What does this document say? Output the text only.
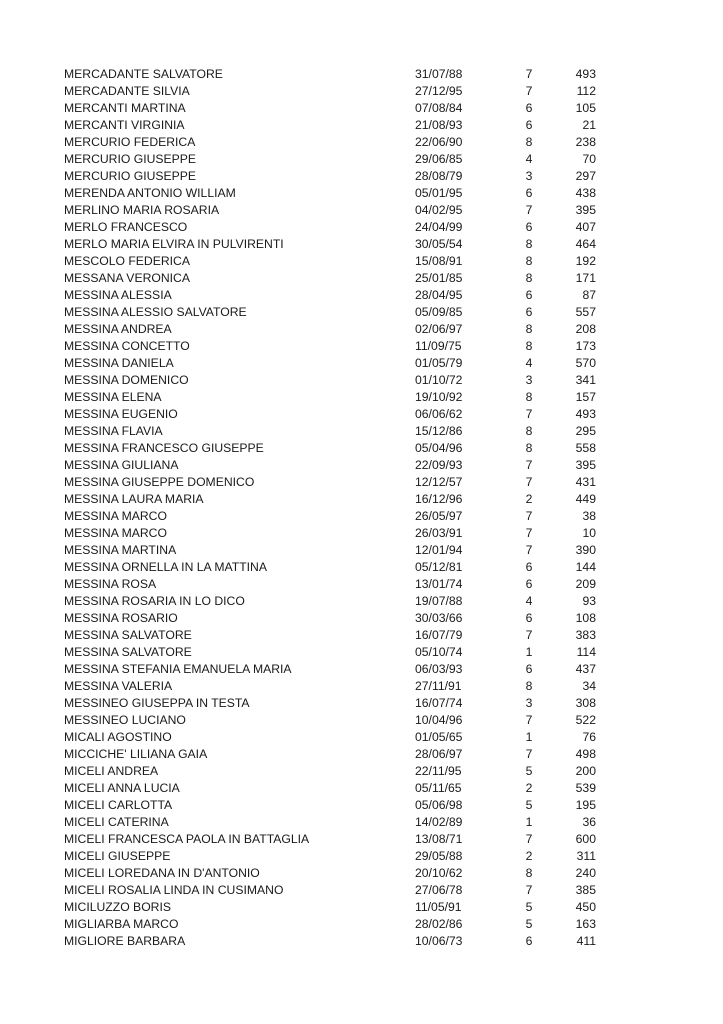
MERCADANTE SALVATORE	31/07/88	7	493
MERCADANTE SILVIA	27/12/95	7	112
MERCANTI MARTINA	07/08/84	6	105
MERCANTI VIRGINIA	21/08/93	6	21
MERCURIO FEDERICA	22/06/90	8	238
MERCURIO GIUSEPPE	29/06/85	4	70
MERCURIO GIUSEPPE	28/08/79	3	297
MERENDA ANTONIO WILLIAM	05/01/95	6	438
MERLINO MARIA ROSARIA	04/02/95	7	395
MERLO FRANCESCO	24/04/99	6	407
MERLO MARIA ELVIRA IN PULVIRENTI	30/05/54	8	464
MESCOLO FEDERICA	15/08/91	8	192
MESSANA VERONICA	25/01/85	8	171
MESSINA ALESSIA	28/04/95	6	87
MESSINA ALESSIO SALVATORE	05/09/85	6	557
MESSINA ANDREA	02/06/97	8	208
MESSINA CONCETTO	11/09/75	8	173
MESSINA DANIELA	01/05/79	4	570
MESSINA DOMENICO	01/10/72	3	341
MESSINA ELENA	19/10/92	8	157
MESSINA EUGENIO	06/06/62	7	493
MESSINA FLAVIA	15/12/86	8	295
MESSINA FRANCESCO GIUSEPPE	05/04/96	8	558
MESSINA GIULIANA	22/09/93	7	395
MESSINA GIUSEPPE DOMENICO	12/12/57	7	431
MESSINA LAURA MARIA	16/12/96	2	449
MESSINA MARCO	26/05/97	7	38
MESSINA MARCO	26/03/91	7	10
MESSINA MARTINA	12/01/94	7	390
MESSINA ORNELLA IN LA MATTINA	05/12/81	6	144
MESSINA ROSA	13/01/74	6	209
MESSINA ROSARIA IN LO DICO	19/07/88	4	93
MESSINA ROSARIO	30/03/66	6	108
MESSINA SALVATORE	16/07/79	7	383
MESSINA SALVATORE	05/10/74	1	114
MESSINA STEFANIA EMANUELA MARIA	06/03/93	6	437
MESSINA VALERIA	27/11/91	8	34
MESSINEO GIUSEPPA IN TESTA	16/07/74	3	308
MESSINEO LUCIANO	10/04/96	7	522
MICALI AGOSTINO	01/05/65	1	76
MICCICHE' LILIANA GAIA	28/06/97	7	498
MICELI ANDREA	22/11/95	5	200
MICELI ANNA LUCIA	05/11/65	2	539
MICELI CARLOTTA	05/06/98	5	195
MICELI CATERINA	14/02/89	1	36
MICELI FRANCESCA PAOLA IN BATTAGLIA	13/08/71	7	600
MICELI GIUSEPPE	29/05/88	2	311
MICELI LOREDANA IN D'ANTONIO	20/10/62	8	240
MICELI ROSALIA LINDA IN CUSIMANO	27/06/78	7	385
MICILUZZO BORIS	11/05/91	5	450
MIGLIARBA MARCO	28/02/86	5	163
MIGLIORE BARBARA	10/06/73	6	411
